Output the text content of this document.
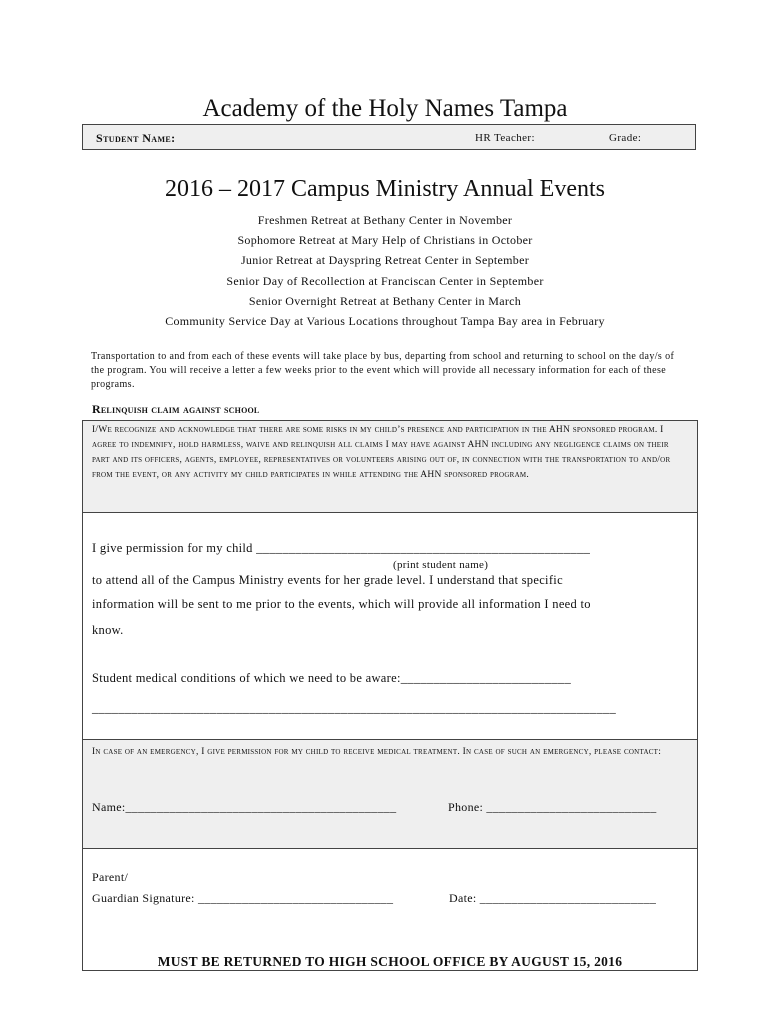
Academy of the Holy Names Tampa
Student Name:	HR Teacher:	Grade:
2016 – 2017 Campus Ministry Annual Events
Freshmen Retreat at Bethany Center in November
Sophomore Retreat at Mary Help of Christians in October
Junior Retreat at Dayspring Retreat Center in September
Senior Day of Recollection at Franciscan Center in September
Senior Overnight Retreat at Bethany Center in March
Community Service Day at Various Locations throughout Tampa Bay area in February
Transportation to and from each of these events will take place by bus, departing from school and returning to school on the day/s of the program. You will receive a letter a few weeks prior to the event which will provide all necessary information for each of these programs.
Relinquish claim against school
I/We recognize and acknowledge that there are some risks in my child’s presence and participation in the AHN sponsored program. I agree to indemnify, hold harmless, waive and relinquish all claims I may have against AHN including any negligence claims on their part and its officers, agents, employee, representatives or volunteers arising out of, in connection with the transportation to and/or from the event, or any activity my child participates in while attending the AHN sponsored program.
I give permission for my child ___________________________________________________
(print student name)
to attend all of the Campus Ministry events for her grade level. I understand that specific
information will be sent to me prior to the events, which will provide all information I need to
know.
Student medical conditions of which we need to be aware:__________________________
________________________________________________________________________________
In case of an emergency, I give permission for my child to receive medical treatment. In case of such an emergency, please contact:
Name:___________________________________________	Phone: ___________________________
Parent/
Guardian Signature: _______________________________	Date: ____________________________
MUST BE RETURNED TO HIGH SCHOOL OFFICE BY AUGUST 15, 2016
